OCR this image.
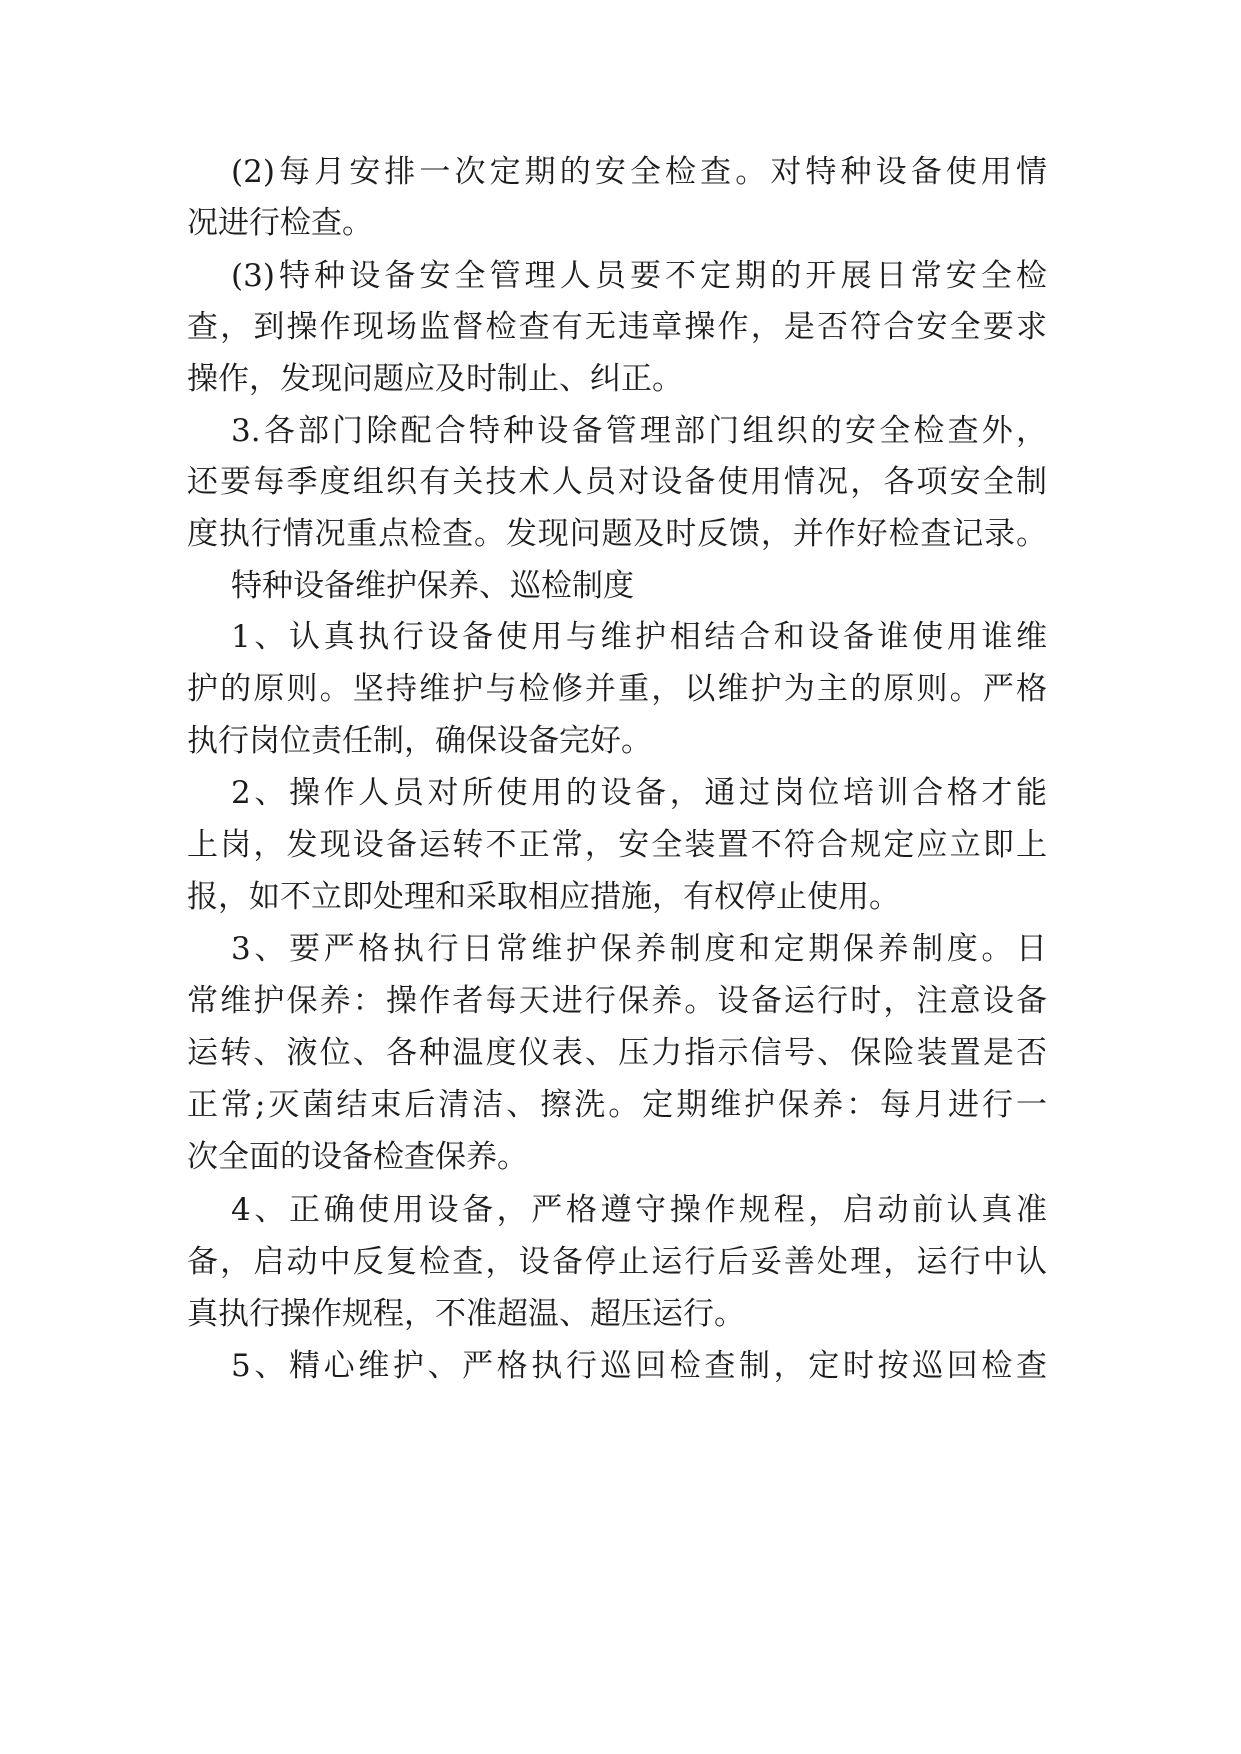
(2)每月安排一次定期的安全检查。对特种设备使用情
况进行检查。
(3)特种设备安全管理人员要不定期的开展日常安全检
查，到操作现场监督检查有无违章操作，是否符合安全要求
操作，发现问题应及时制止、纠正。
3.各部门除配合特种设备管理部门组织的安全检查外，
还要每季度组织有关技术人员对设备使用情况，各项安全制
度执行情况重点检查。发现问题及时反馈，并作好检查记录。
特种设备维护保养、巡检制度
1、认真执行设备使用与维护相结合和设备谁使用谁维
护的原则。坚持维护与检修并重，以维护为主的原则。严格
执行岗位责任制，确保设备完好。
2、操作人员对所使用的设备，通过岗位培训合格才能
上岗，发现设备运转不正常，安全装置不符合规定应立即上
报，如不立即处理和采取相应措施，有权停止使用。
3、要严格执行日常维护保养制度和定期保养制度。日
常维护保养：操作者每天进行保养。设备运行时，注意设备
运转、液位、各种温度仪表、压力指示信号、保险装置是否
正常;灭菌结束后清洁、擦洗。定期维护保养：每月进行一
次全面的设备检查保养。
4、正确使用设备，严格遵守操作规程，启动前认真准
备，启动中反复检查，设备停止运行后妥善处理，运行中认
真执行操作规程，不准超温、超压运行。
5、精心维护、严格执行巡回检查制，定时按巡回检查
